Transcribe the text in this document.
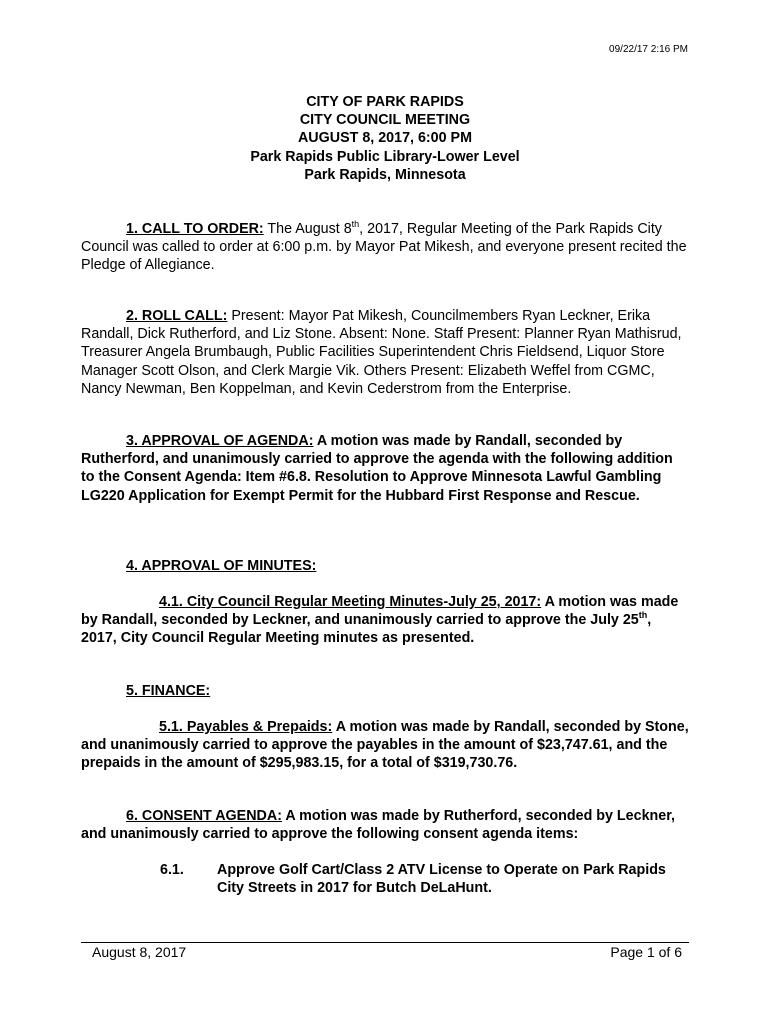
09/22/17 2:16 PM
CITY OF PARK RAPIDS
CITY COUNCIL MEETING
AUGUST 8, 2017, 6:00 PM
Park Rapids Public Library-Lower Level
Park Rapids, Minnesota

1. CALL TO ORDER: The August 8th, 2017, Regular Meeting of the Park Rapids City Council was called to order at 6:00 p.m. by Mayor Pat Mikesh, and everyone present recited the Pledge of Allegiance.

2. ROLL CALL: Present: Mayor Pat Mikesh, Councilmembers Ryan Leckner, Erika Randall, Dick Rutherford, and Liz Stone. Absent: None. Staff Present: Planner Ryan Mathisrud, Treasurer Angela Brumbaugh, Public Facilities Superintendent Chris Fieldsend, Liquor Store Manager Scott Olson, and Clerk Margie Vik. Others Present: Elizabeth Weffel from CGMC, Nancy Newman, Ben Koppelman, and Kevin Cederstrom from the Enterprise.

3. APPROVAL OF AGENDA: A motion was made by Randall, seconded by Rutherford, and unanimously carried to approve the agenda with the following addition to the Consent Agenda: Item #6.8. Resolution to Approve Minnesota Lawful Gambling LG220 Application for Exempt Permit for the Hubbard First Response and Rescue.

4. APPROVAL OF MINUTES:

4.1. City Council Regular Meeting Minutes-July 25, 2017: A motion was made by Randall, seconded by Leckner, and unanimously carried to approve the July 25th, 2017, City Council Regular Meeting minutes as presented.

5. FINANCE:

5.1. Payables & Prepaids: A motion was made by Randall, seconded by Stone, and unanimously carried to approve the payables in the amount of $23,747.61, and the prepaids in the amount of $295,983.15, for a total of $319,730.76.

6. CONSENT AGENDA: A motion was made by Rutherford, seconded by Leckner, and unanimously carried to approve the following consent agenda items:

6.1. Approve Golf Cart/Class 2 ATV License to Operate on Park Rapids City Streets in 2017 for Butch DeLaHunt.
August 8, 2017	Page 1 of 6
